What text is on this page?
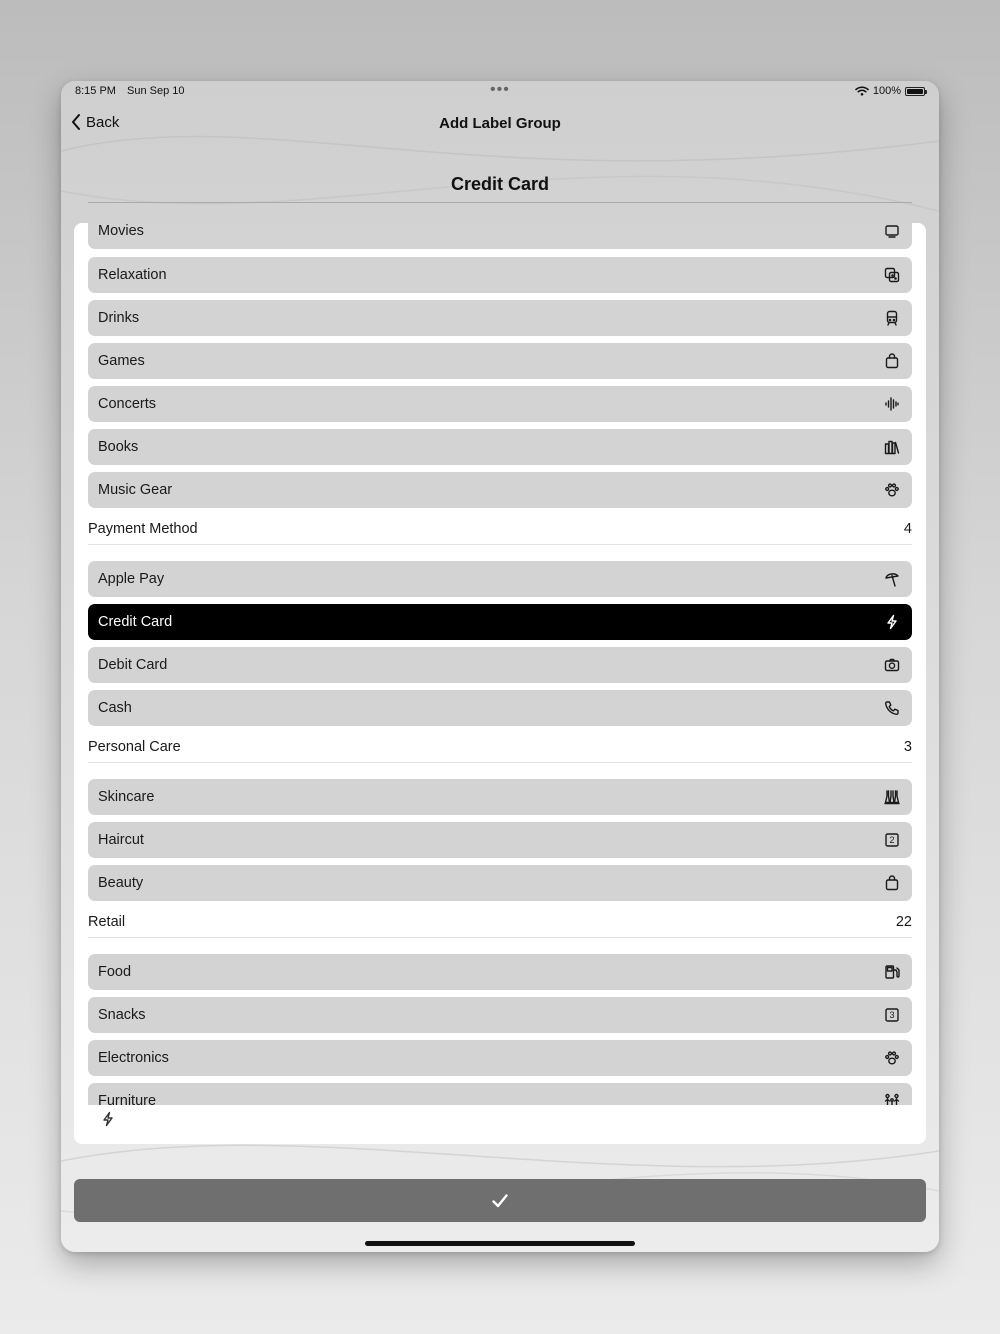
8:15 PM Sun Sep 10	•••	100%
Back	Add Label Group
Credit Card
Movies
Relaxation
Drinks
Games
Concerts
Books
Music Gear
Payment Method	4
Apple Pay
Credit Card
Debit Card
Cash
Personal Care	3
Skincare
Haircut	2
Beauty
Retail	22
Food
Snacks	3
Electronics
Furniture
